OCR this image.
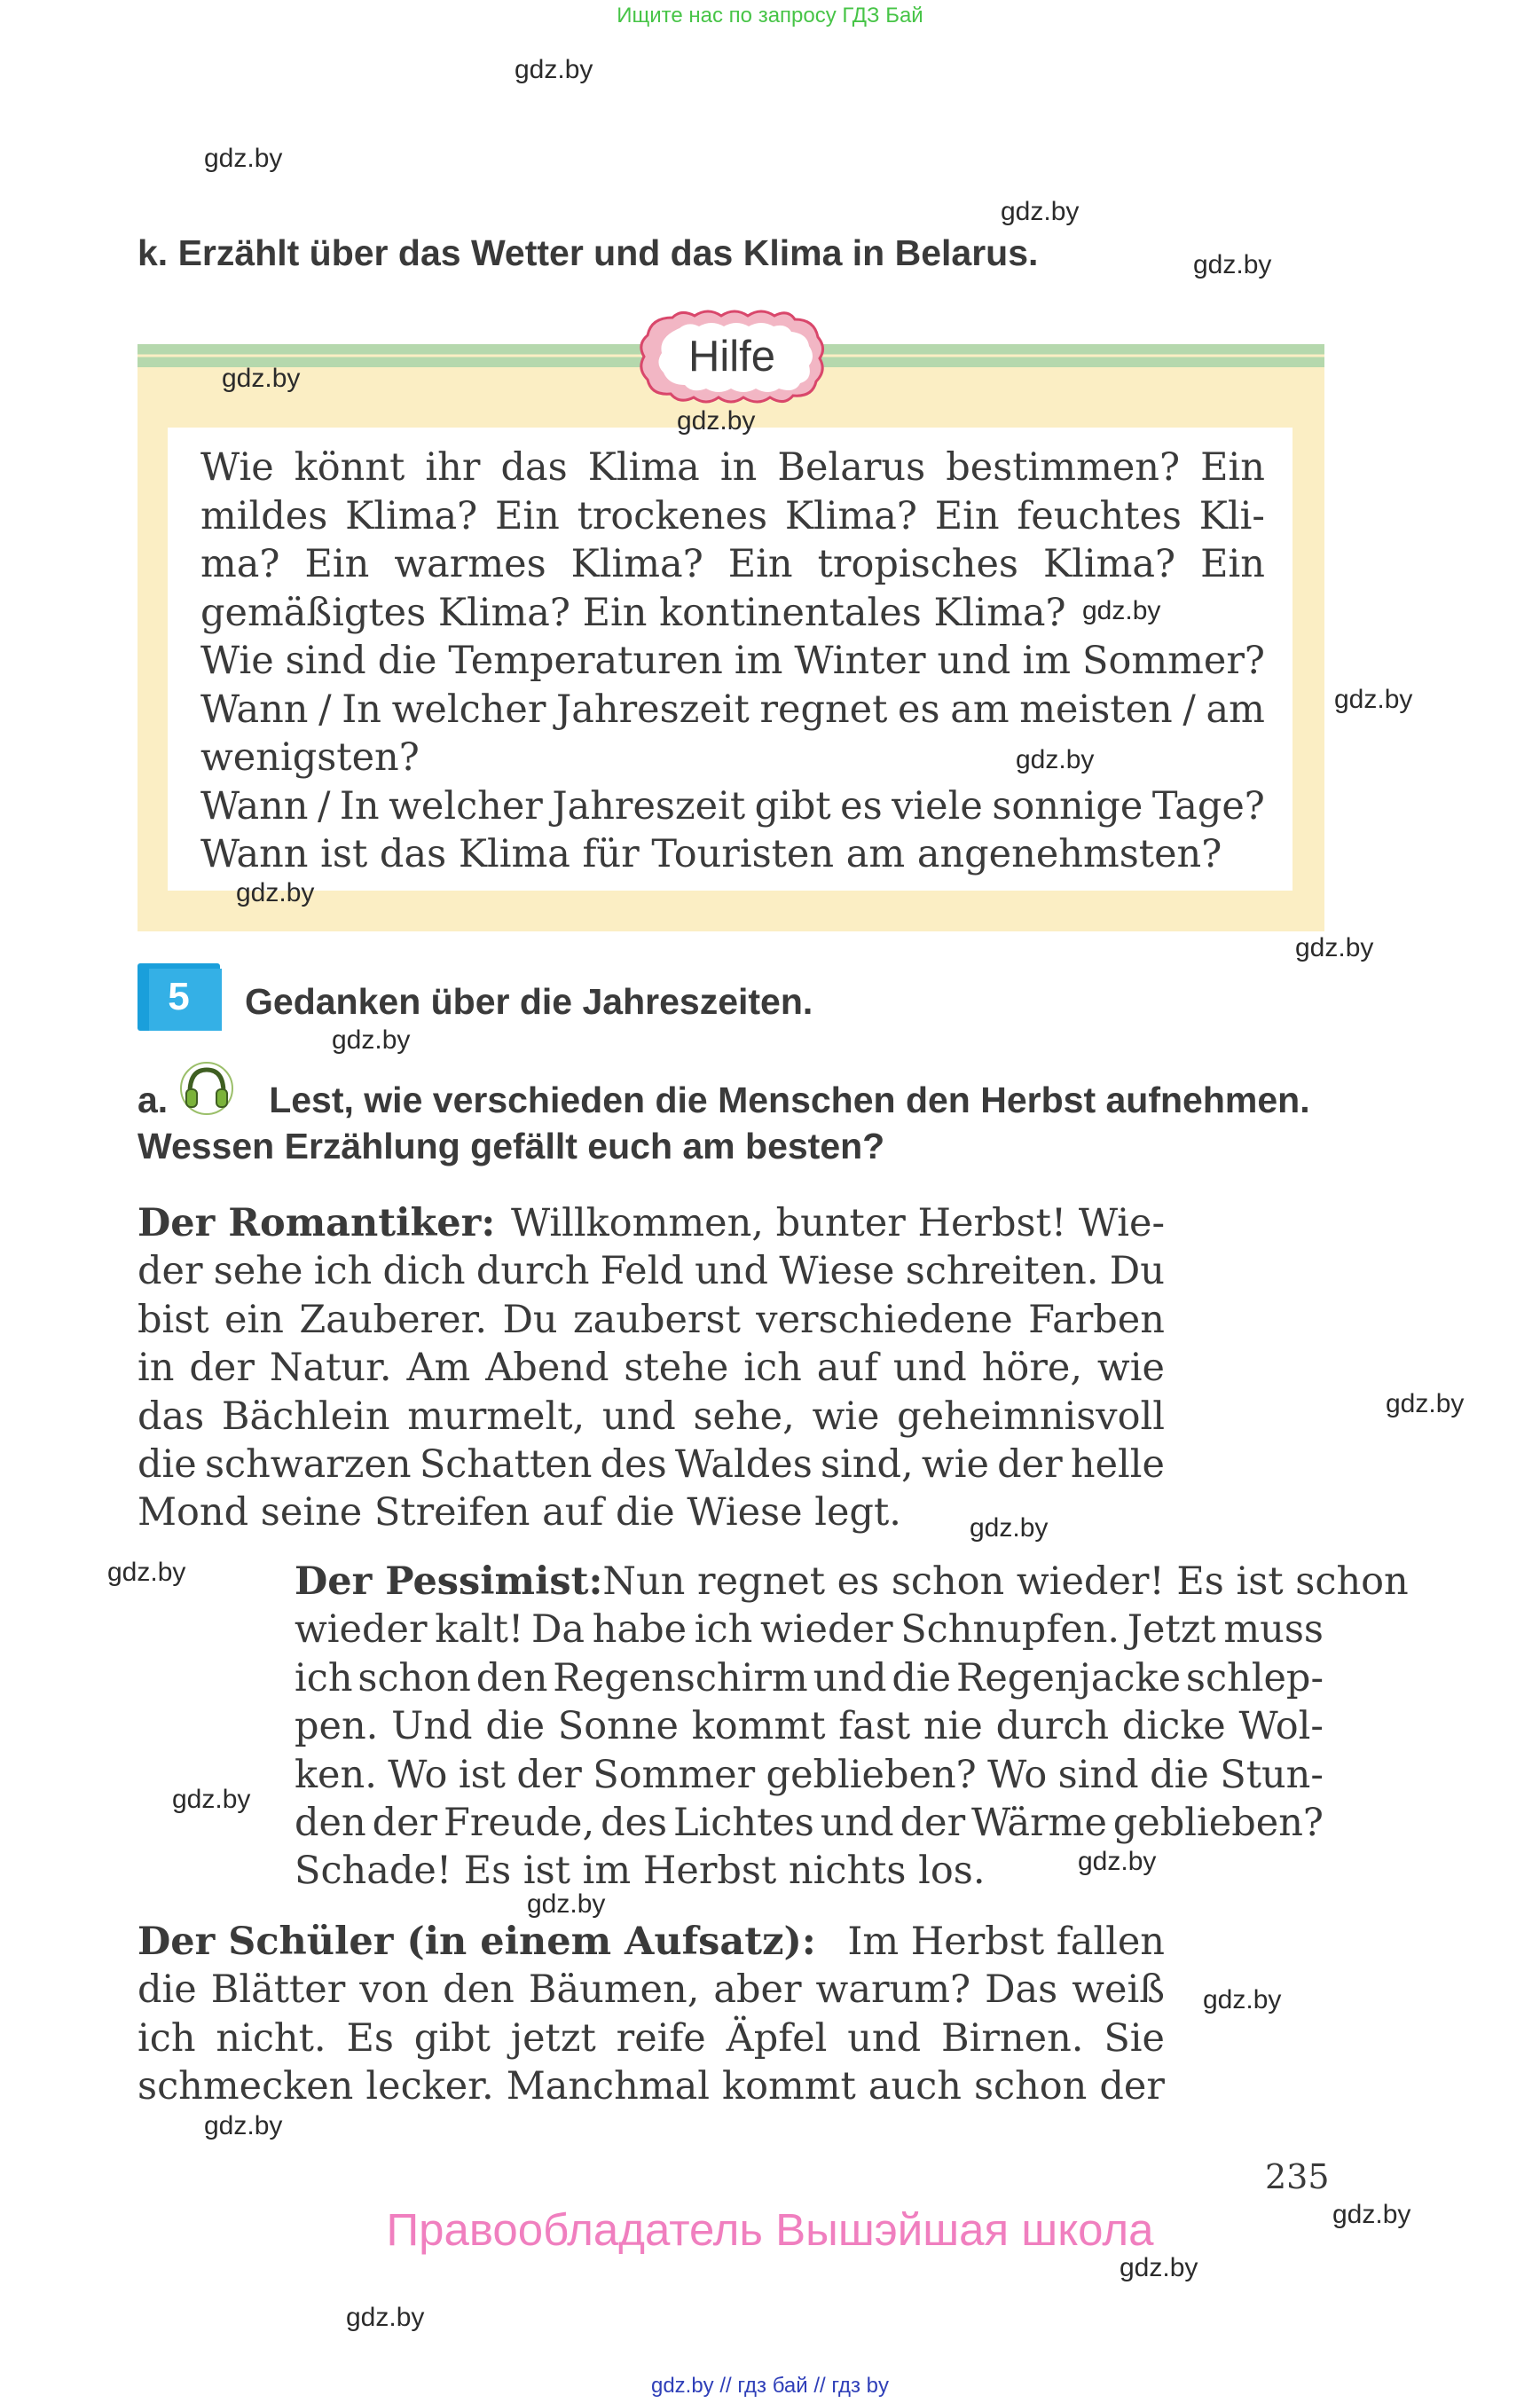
Ищите нас по запросу ГДЗ Бай
gdz.by
gdz.by
gdz.by
gdz.by
k. Erzählt über das Wetter und das Klima in Belarus.
Hilfe
Wie könnt ihr das Klima in Belarus bestimmen? Ein
mildes Klima? Ein trockenes Klima? Ein feuchtes Kli-
ma? Ein warmes Klima? Ein tropisches Klima? Ein
gemäßigtes Klima? Ein kontinentales Klima?
Wie sind die Temperaturen im Winter und im Sommer?
Wann / In welcher Jahreszeit regnet es am meisten / am
wenigsten?
Wann / In welcher Jahreszeit gibt es viele sonnige Tage?
Wann ist das Klima für Touristen am angenehmsten?
gdz.by
gdz.by
gdz.by
gdz.by
gdz.by
gdz.by
gdz.by
5	Gedanken über die Jahreszeiten.
gdz.by
a.	Lest, wie verschieden die Menschen den Herbst aufnehmen.
Wessen Erzählung gefällt euch am besten?
Der Romantiker: Willkommen, bunter Herbst! Wie-
der sehe ich dich durch Feld und Wiese schreiten. Du
bist ein Zauberer. Du zauberst verschiedene Farben
in der Natur. Am Abend stehe ich auf und höre, wie
das Bächlein murmelt, und sehe, wie geheimnisvoll
die schwarzen Schatten des Waldes sind, wie der helle
Mond seine Streifen auf die Wiese legt.
gdz.by
gdz.by
gdz.by	Der Pessimist: Nun regnet es schon wieder! Es ist schon
wieder kalt! Da habe ich wieder Schnupfen. Jetzt muss
ich schon den Regenschirm und die Regenjacke schlep-
pen. Und die Sonne kommt fast nie durch dicke Wol-
ken. Wo ist der Sommer geblieben? Wo sind die Stun-
den der Freude, des Lichtes und der Wärme geblieben?
Schade! Es ist im Herbst nichts los.
gdz.by
gdz.by
gdz.by
Der Schüler (in einem Aufsatz): Im Herbst fallen
die Blätter von den Bäumen, aber warum? Das weiß
ich nicht. Es gibt jetzt reife Äpfel und Birnen. Sie
schmecken lecker. Manchmal kommt auch schon der
gdz.by
gdz.by
235
gdz.by
Правообладатель Вышэйшая школа
gdz.by
gdz.by
gdz.by // гдз бай // гдз by
